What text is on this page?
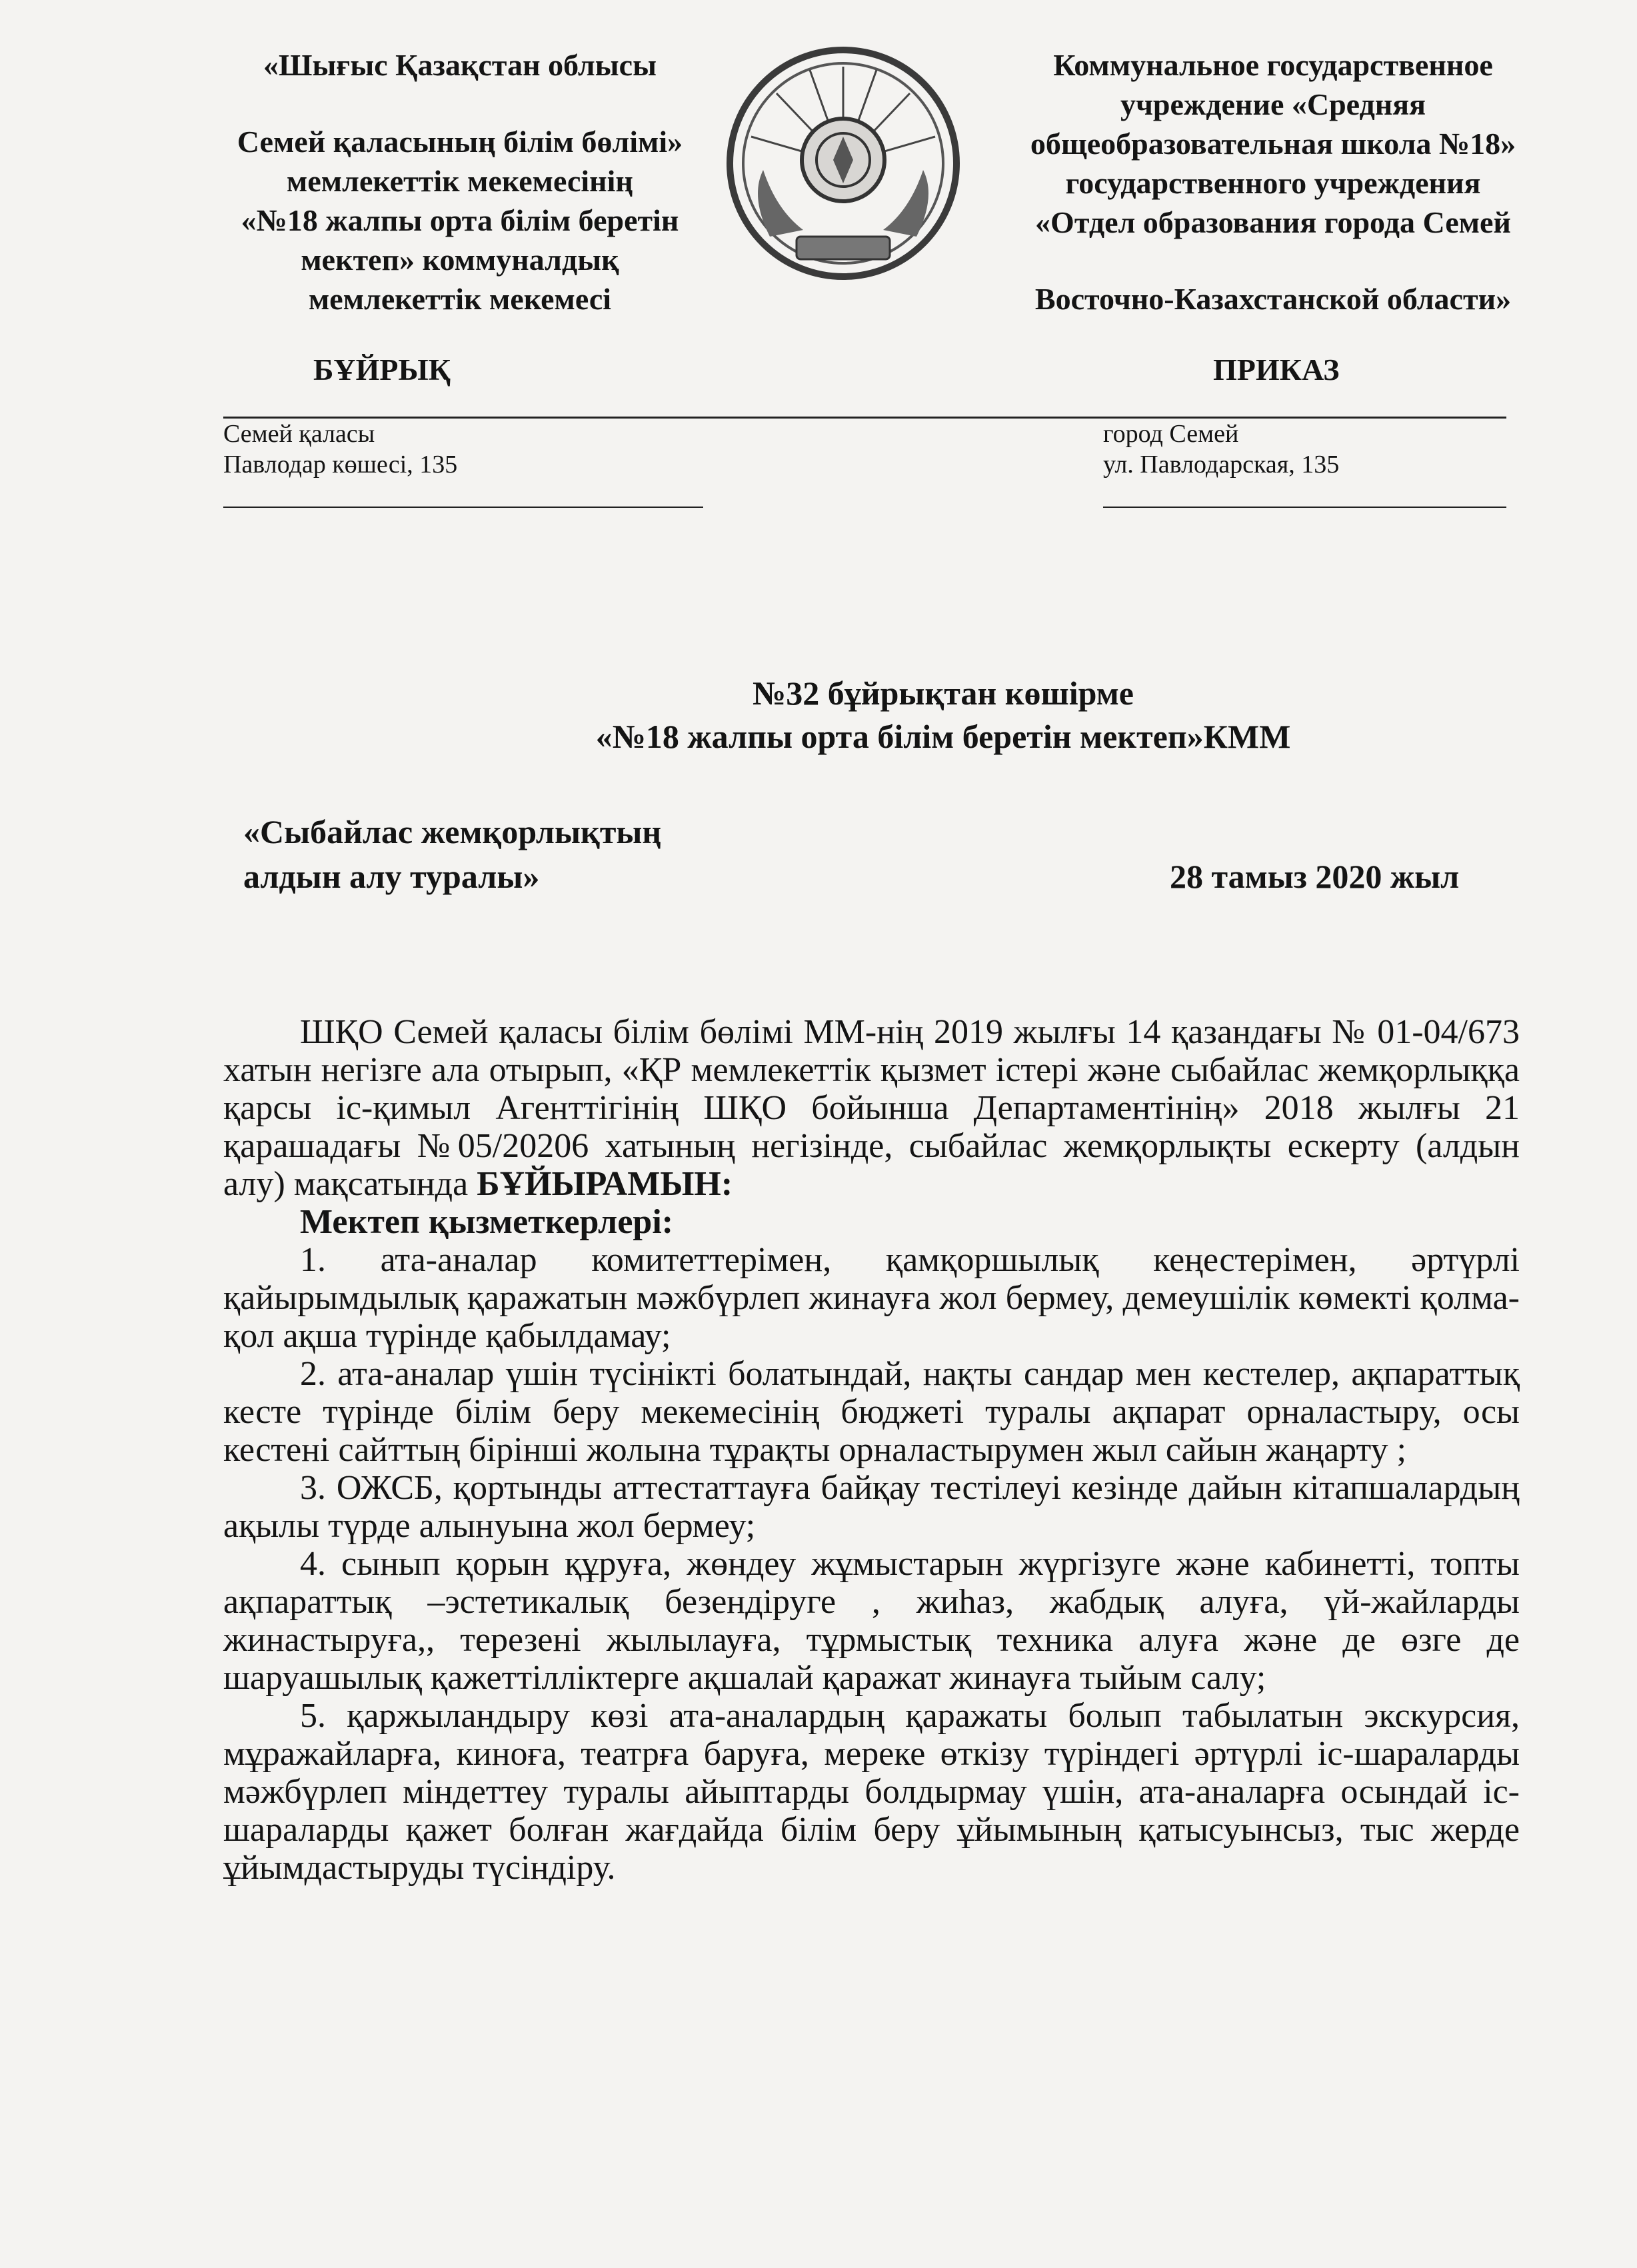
«Шығыс Қазақстан облысы
Семей қаласының білім бөлімі»
мемлекеттік мекемесінің
«№18 жалпы орта білім беретін
мектеп» коммуналдық
мемлекеттік мекемесі
Коммунальное государственное
учреждение «Средняя
общеобразовательная школа №18»
государственного учреждения
«Отдел образования города Семей
Восточно-Казахстанской области»
БҰЙРЫҚ	ПРИКАЗ
Семей қаласы
Павлодар көшесі, 135
город Семей
ул. Павлодарская, 135
№32 бұйрықтан көшірме
«№18 жалпы орта білім беретін мектеп»КММ
«Сыбайлас жемқорлықтың
алдын алу туралы»	28 тамыз 2020 жыл

ШҚО Семей қаласы білім бөлімі ММ-нің 2019 жылғы 14 қазандағы № 01-04/673 хатын негізге ала отырып, «ҚР мемлекеттік қызмет істері және сыбайлас жемқорлыққа қарсы іс-қимыл Агенттігінің ШҚО бойынша Департаментінің» 2018 жылғы 21 қарашадағы №05/20206 хатының негізінде, сыбайлас жемқорлықты ескерту (алдын алу) мақсатында БҰЙЫРАМЫН:

Мектеп қызметкерлері:

1. ата-аналар комитеттерімен, қамқоршылық кеңестерімен, әртүрлі қайырымдылық қаражатын мәжбүрлеп жинауға жол бермеу, демеушілік көмекті қолма-қол ақша түрінде қабылдамау;

2. ата-аналар үшін түсінікті болатындай, нақты сандар мен кестелер, ақпараттық кесте түрінде білім беру мекемесінің бюджеті туралы ақпарат орналастыру, осы кестені сайттың бірінші жолына тұрақты орналастырумен жыл сайын жаңарту ;

3. ОЖСБ, қортынды аттестаттауға байқау тестілеуі кезінде дайын кітапшалардың ақылы түрде алынуына жол бермеу;

4. сынып қорын құруға, жөндеу жұмыстарын жүргізуге және кабинетті, топты ақпараттық –эстетикалық безендіруге , жиһаз, жабдық алуға, үй-жайларды жинастыруға,, терезені жылылауға, тұрмыстық техника алуға және де өзге де шаруашылық қажеттілліктерге ақшалай қаражат жинауға тыйым салу;

5. қаржыландыру көзі ата-аналардың қаражаты болып табылатын экскурсия, мұражайларға, киноға, театрға баруға, мереке өткізу түріндегі әртүрлі іс-шараларды мәжбүрлеп міндеттеу туралы айыптарды болдырмау үшін, ата-аналарға осындай іс-шараларды қажет болған жағдайда білім беру ұйымының қатысуынсыз, тыс жерде ұйымдастыруды түсіндіру.
